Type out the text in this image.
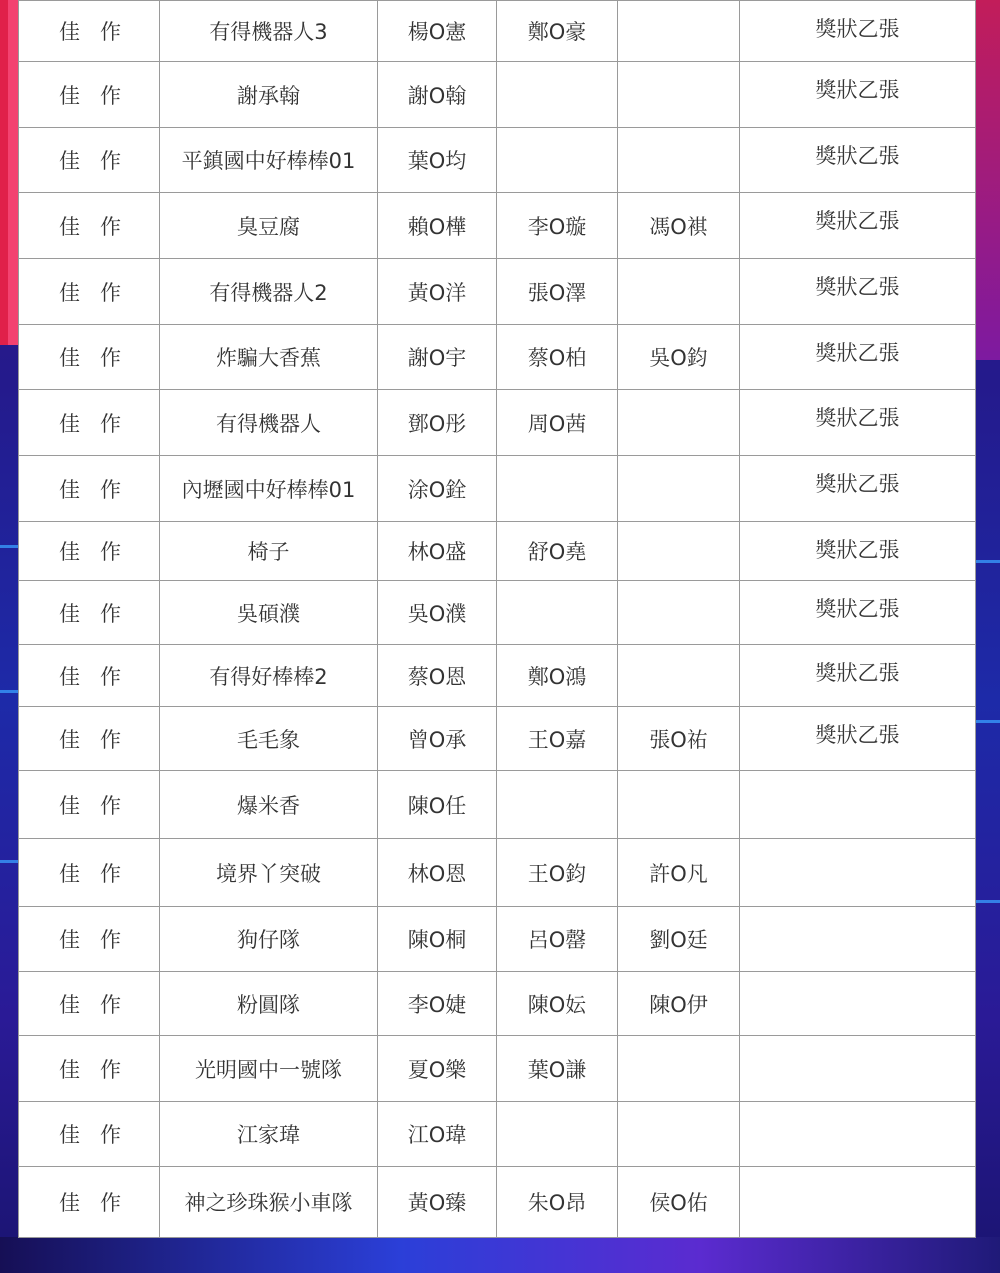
佳作	有得機器人3	楊O憲	鄭O豪		獎狀乙張
佳作	謝承翰	謝O翰			獎狀乙張
佳作	平鎮國中好棒棒01	葉O均			獎狀乙張
佳作	臭豆腐	賴O樺	李O璇	馮O褀	獎狀乙張
佳作	有得機器人2	黃O洋	張O澤		獎狀乙張
佳作	炸騙大香蕉	謝O宇	蔡O柏	吳O鈞	獎狀乙張
佳作	有得機器人	鄧O彤	周O茜		獎狀乙張
佳作	內壢國中好棒棒01	涂O銓			獎狀乙張
佳作	椅子	林O盛	舒O堯		獎狀乙張
佳作	吳碩濮	吳O濮			獎狀乙張
佳作	有得好棒棒2	蔡O恩	鄭O鴻		獎狀乙張
佳作	毛毛象	曾O承	王O嘉	張O祐	獎狀乙張
佳作	爆米香	陳O任			
佳作	境界丫突破	林O恩	王O鈞	許O凡	
佳作	狗仔隊	陳O桐	呂O罄	劉O廷	
佳作	粉圓隊	李O婕	陳O妘	陳O伊	
佳作	光明國中一號隊	夏O樂	葉O謙		
佳作	江家瑋	江O瑋			
佳作	神之珍珠猴小車隊	黃O臻	朱O昂	侯O佑	
